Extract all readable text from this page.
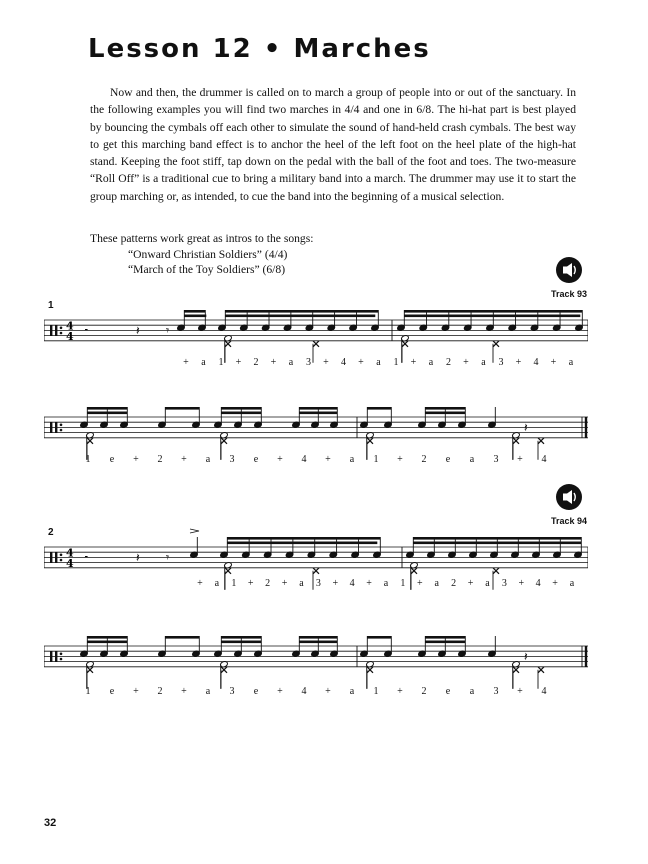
Lesson 12 • Marches

Now and then, the drummer is called on to march a group of people into or out of the sanctuary. In the following examples you will find two marches in 4/4 and one in 6/8. The hi-hat part is best played by bouncing the cymbals off each other to simulate the sound of hand-held crash cymbals. The best way to get this marching band effect is to anchor the heel of the left foot on the heel plate of the high-hat stand. Keeping the foot stiff, tap down on the pedal with the ball of the foot and toes. The two-measure “Roll Off” is a traditional cue to bring a military band into a march. The drummer may use it to start the group marching or, as intended, to cue the band into the beginning of a musical selection.

These patterns work great as intros to the songs:
“Onward Christian Soldiers” (4/4)
“March of the Toy Soldiers” (6/8)
Track 93
1
4
4 𝄼	𝄽 𝄾
+ a 1 + 2 + a 3 + 4 + a 1 + a 2 + a 3 + 4 + a
𝄽
1 e + 2 + a 3 e + 4 + a 1 + 2 e a 3 + 4
Track 94
2
4
4 𝄼	𝄽 𝄾
+ a 1 + 2 + a 3 + 4 + a 1 + a 2 + a 3 + 4 + a
𝄽
1 e + 2 + a 3 e + 4 + a 1 + 2 e a 3 + 4
32
